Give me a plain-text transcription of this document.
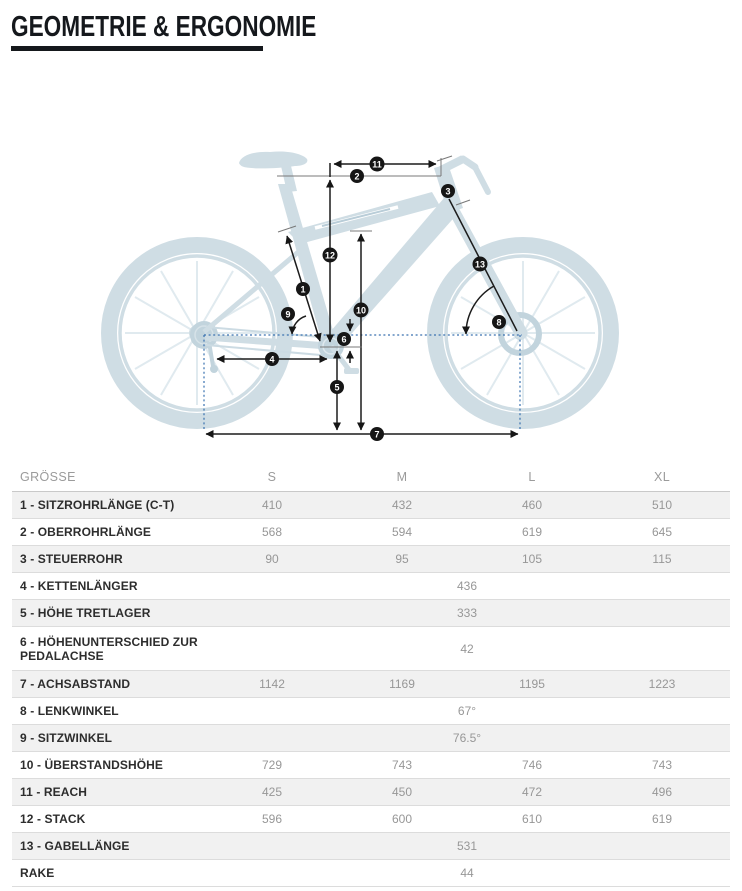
GEOMETRIE & ERGONOMIE
1
2
3
4
5
6
7
8
9	10
11
12
13
GRÖSSE	S	M	L	XL
1 - SITZROHRLÄNGE (C-T)	410	432	460	510
2 - OBERROHRLÄNGE	568	594	619	645
3 - STEUERROHR	90	95	105	115
4 - KETTENLÄNGER	436
5 - HÖHE TRETLAGER	333
6 - HÖHENUNTERSCHIED ZUR PEDALACHSE	42
7 - ACHSABSTAND	1142	1169	1195	1223
8 - LENKWINKEL	67°
9 - SITZWINKEL	76.5°
10 - ÜBERSTANDSHÖHE	729	743	746	743
11 - REACH	425	450	472	496
12 - STACK	596	600	610	619
13 - GABELLÄNGE	531
RAKE	44
